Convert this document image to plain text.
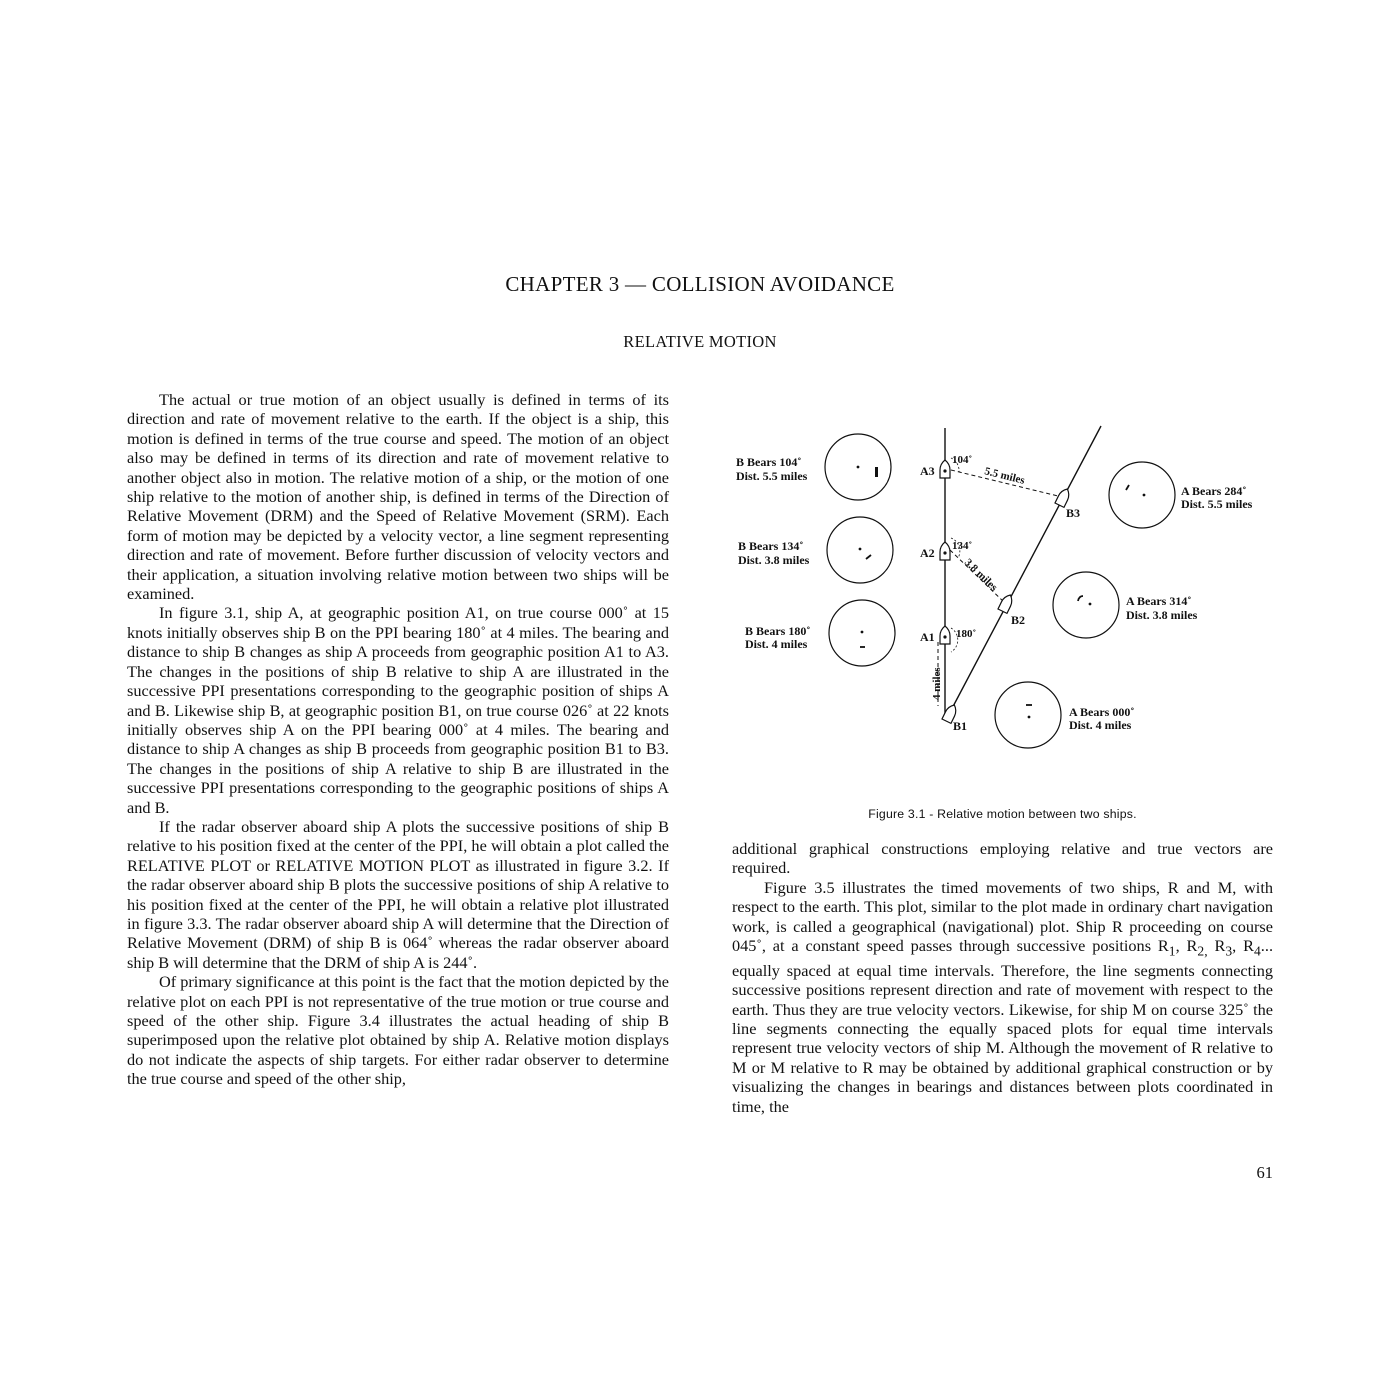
CHAPTER 3 — COLLISION AVOIDANCE
RELATIVE MOTION

The actual or true motion of an object usually is defined in terms of its direction and rate of movement relative to the earth. If the object is a ship, this motion is defined in terms of the true course and speed. The motion of an object also may be defined in terms of its direction and rate of movement relative to another object also in motion. The relative motion of a ship, or the motion of one ship relative to the motion of another ship, is defined in terms of the Direction of Relative Movement (DRM) and the Speed of Relative Movement (SRM). Each form of motion may be depicted by a velocity vector, a line segment representing direction and rate of movement. Before further discussion of velocity vectors and their application, a situation involving relative motion between two ships will be examined.

In figure 3.1, ship A, at geographic position A1, on true course 000˚ at 15 knots initially observes ship B on the PPI bearing 180˚ at 4 miles. The bearing and distance to ship B changes as ship A proceeds from geographic position A1 to A3. The changes in the positions of ship B relative to ship A are illustrated in the successive PPI presentations corresponding to the geographic position of ships A and B. Likewise ship B, at geographic position B1, on true course 026˚ at 22 knots initially observes ship A on the PPI bearing 000˚ at 4 miles. The bearing and distance to ship A changes as ship B proceeds from geographic position B1 to B3. The changes in the positions of ship A relative to ship B are illustrated in the successive PPI presentations corresponding to the geographic positions of ships A and B.

If the radar observer aboard ship A plots the successive positions of ship B relative to his position fixed at the center of the PPI, he will obtain a plot called the RELATIVE PLOT or RELATIVE MOTION PLOT as illustrated in figure 3.2. If the radar observer aboard ship B plots the successive positions of ship A relative to his position fixed at the center of the PPI, he will obtain a relative plot illustrated in figure 3.3. The radar observer aboard ship A will determine that the Direction of Relative Movement (DRM) of ship B is 064˚ whereas the radar observer aboard ship B will determine that the DRM of ship A is 244˚.

Of primary significance at this point is the fact that the motion depicted by the relative plot on each PPI is not representative of the true motion or true course and speed of the other ship. Figure 3.4 illustrates the actual heading of ship B superimposed upon the relative plot obtained by ship A. Relative motion displays do not indicate the aspects of ship targets. For either radar observer to determine the true course and speed of the other ship,

A3
A2
A1
B3
B2
B1
104˚
134˚
180˚
5.5 miles
3.8 miles
4 miles
B Bears 104˚
Dist. 5.5 miles
B Bears 134˚
Dist. 3.8 miles
B Bears 180˚
Dist. 4 miles
A Bears 284˚
Dist. 5.5 miles
A Bears 314˚
Dist. 3.8 miles
A Bears 000˚
Dist. 4 miles
Figure 3.1 - Relative motion between two ships.

additional graphical constructions employing relative and true vectors are required.

Figure 3.5 illustrates the timed movements of two ships, R and M, with respect to the earth. This plot, similar to the plot made in ordinary chart navigation work, is called a geographical (navigational) plot. Ship R proceeding on course 045˚, at a constant speed passes through successive positions $R_1$, $R_{2,}$ $R_3$, $R_4$... equally spaced at equal time intervals. Therefore, the line segments connecting successive positions represent direction and rate of movement with respect to the earth. Thus they are true velocity vectors. Likewise, for ship M on course 325˚ the line segments connecting the equally spaced plots for equal time intervals represent true velocity vectors of ship M. Although the movement of R relative to M or M relative to R may be obtained by additional graphical construction or by visualizing the changes in bearings and distances between plots coordinated in time, the

61
